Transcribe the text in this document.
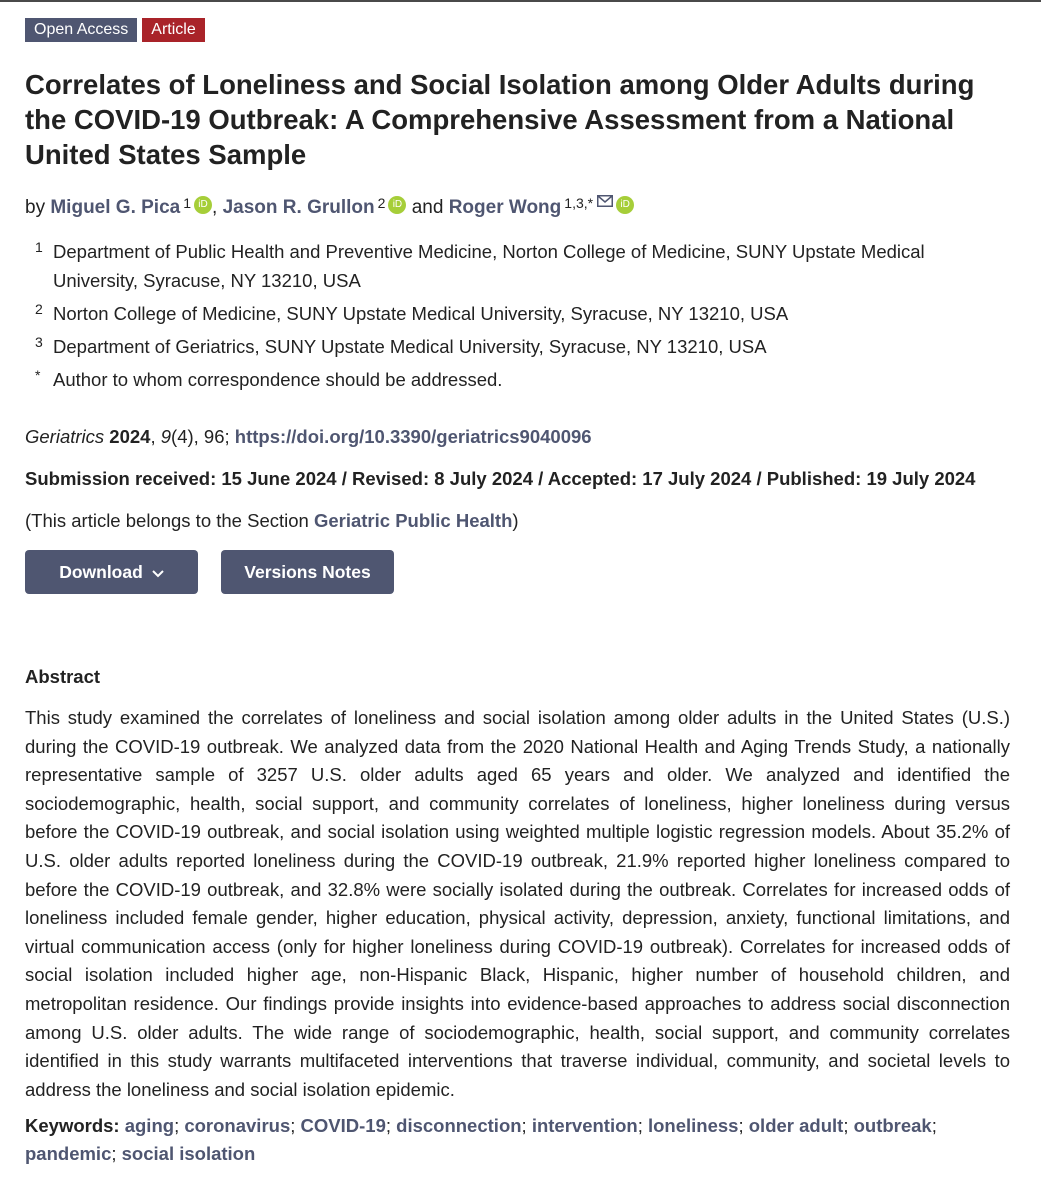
Open Access	Article
Correlates of Loneliness and Social Isolation among Older Adults during the COVID-19 Outbreak: A Comprehensive Assessment from a National United States Sample
by Miguel G. Pica $^1$ iD , Jason R. Grullon $^2$ iD and Roger Wong $^{1,3,*}$	iD
1 Department of Public Health and Preventive Medicine, Norton College of Medicine, SUNY Upstate Medical University, Syracuse, NY 13210, USA
2 Norton College of Medicine, SUNY Upstate Medical University, Syracuse, NY 13210, USA
3 Department of Geriatrics, SUNY Upstate Medical University, Syracuse, NY 13210, USA
* Author to whom correspondence should be addressed.
Geriatrics 2024, 9(4), 96; https://doi.org/10.3390/geriatrics9040096
Submission received: 15 June 2024 / Revised: 8 July 2024 / Accepted: 17 July 2024 / Published: 19 July 2024
(This article belongs to the Section Geriatric Public Health)
Download	Versions Notes
Abstract
This study examined the correlates of loneliness and social isolation among older adults in the United States (U.S.) during the COVID-19 outbreak. We analyzed data from the 2020 National Health and Aging Trends Study, a nationally representative sample of 3257 U.S. older adults aged 65 years and older. We analyzed and identified the sociodemographic, health, social support, and community correlates of loneliness, higher loneliness during versus before the COVID-19 outbreak, and social isolation using weighted multiple logistic regression models. About 35.2% of U.S. older adults reported loneliness during the COVID-19 outbreak, 21.9% reported higher loneliness compared to before the COVID-19 outbreak, and 32.8% were socially isolated during the outbreak. Correlates for increased odds of loneliness included female gender, higher education, physical activity, depression, anxiety, functional limitations, and virtual communication access (only for higher loneliness during COVID-19 outbreak). Correlates for increased odds of social isolation included higher age, non-Hispanic Black, Hispanic, higher number of household children, and metropolitan residence. Our findings provide insights into evidence-based approaches to address social disconnection among U.S. older adults. The wide range of sociodemographic, health, social support, and community correlates identified in this study warrants multifaceted interventions that traverse individual, community, and societal levels to address the loneliness and social isolation epidemic.
Keywords: aging; coronavirus; COVID-19; disconnection; intervention; loneliness; older adult; outbreak; pandemic; social isolation
